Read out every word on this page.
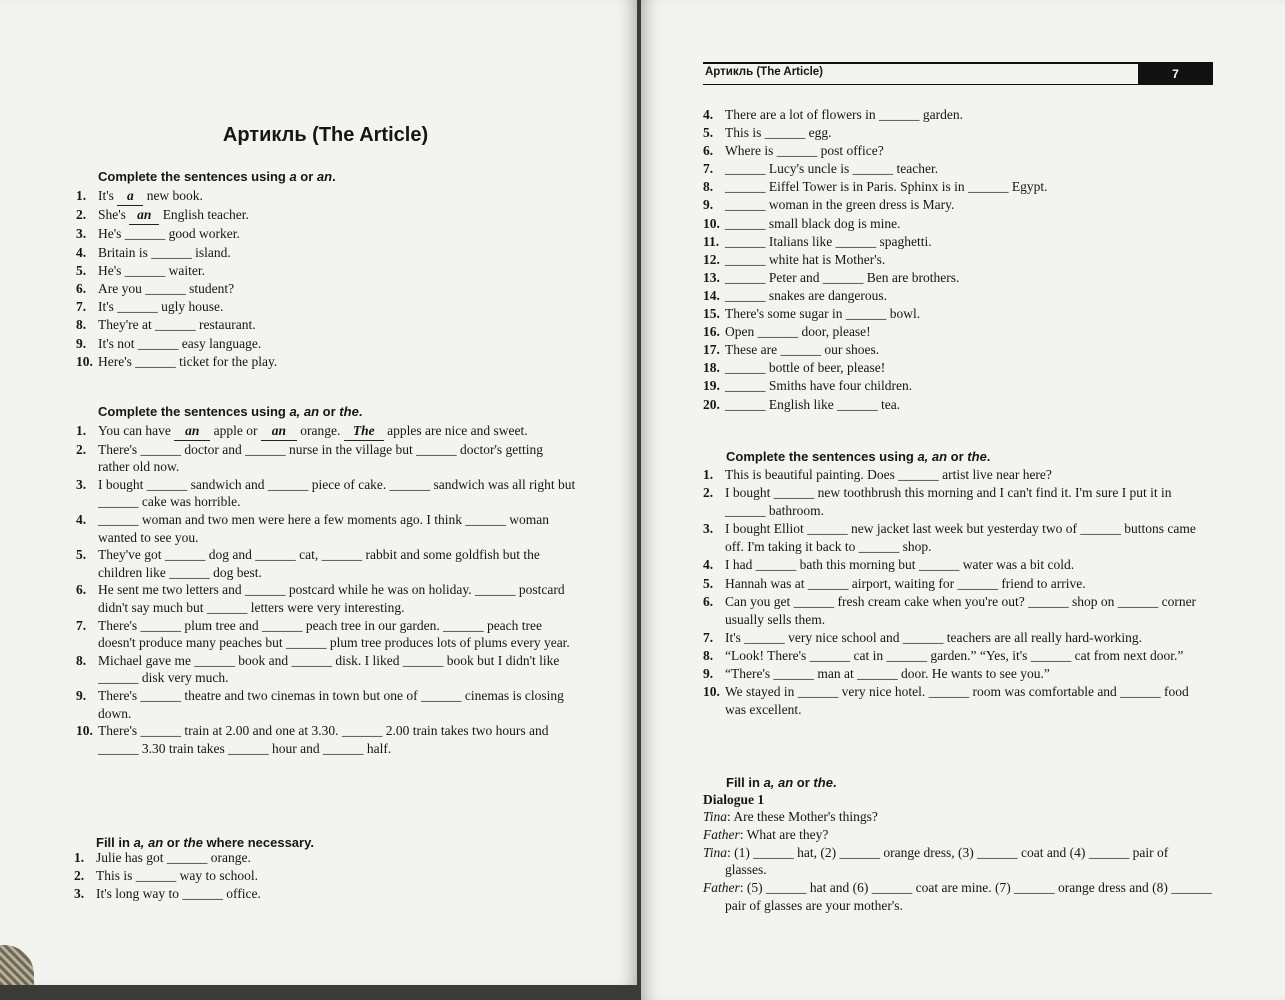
Артикль (The Article)
Complete the sentences using a or an.
1. It's a new book.
2. She's an English teacher.
3. He's ______ good worker.
4. Britain is ______ island.
5. He's ______ waiter.
6. Are you ______ student?
7. It's ______ ugly house.
8. They're at ______ restaurant.
9. It's not ______ easy language.
10. Here's ______ ticket for the play.
Complete the sentences using a, an or the.
1. You can have an apple or an orange. The apples are nice and sweet.
2. There's ______ doctor and ______ nurse in the village but ______ doctor's getting rather old now.
3. I bought ______ sandwich and ______ piece of cake. ______ sandwich was all right but ______ cake was horrible.
4. ______ woman and two men were here a few moments ago. I think ______ woman wanted to see you.
5. They've got ______ dog and ______ cat, ______ rabbit and some goldfish but the children like ______ dog best.
6. He sent me two letters and ______ postcard while he was on holiday. ______ postcard didn't say much but ______ letters were very interesting.
7. There's ______ plum tree and ______ peach tree in our garden. ______ peach tree doesn't produce many peaches but ______ plum tree produces lots of plums every year.
8. Michael gave me ______ book and ______ disk. I liked ______ book but I didn't like ______ disk very much.
9. There's ______ theatre and two cinemas in town but one of ______ cinemas is closing down.
10. There's ______ train at 2.00 and one at 3.30. ______ 2.00 train takes two hours and ______ 3.30 train takes ______ hour and ______ half.
Fill in a, an or the where necessary.
1. Julie has got ______ orange.
2. This is ______ way to school.
3. It's long way to ______ office.
Артикль (The Article)	7
4. There are a lot of flowers in ______ garden.
5. This is ______ egg.
6. Where is ______ post office?
7. ______ Lucy's uncle is ______ teacher.
8. ______ Eiffel Tower is in Paris. Sphinx is in ______ Egypt.
9. ______ woman in the green dress is Mary.
10. ______ small black dog is mine.
11. ______ Italians like ______ spaghetti.
12. ______ white hat is Mother's.
13. ______ Peter and ______ Ben are brothers.
14. ______ snakes are dangerous.
15. There's some sugar in ______ bowl.
16. Open ______ door, please!
17. These are ______ our shoes.
18. ______ bottle of beer, please!
19. ______ Smiths have four children.
20. ______ English like ______ tea.
Complete the sentences using a, an or the.
1. This is beautiful painting. Does ______ artist live near here?
2. I bought ______ new toothbrush this morning and I can't find it. I'm sure I put it in ______ bathroom.
3. I bought Elliot ______ new jacket last week but yesterday two of ______ buttons came off. I'm taking it back to ______ shop.
4. I had ______ bath this morning but ______ water was a bit cold.
5. Hannah was at ______ airport, waiting for ______ friend to arrive.
6. Can you get ______ fresh cream cake when you're out? ______ shop on ______ corner usually sells them.
7. It's ______ very nice school and ______ teachers are all really hard-working.
8. “Look! There's ______ cat in ______ garden.” “Yes, it's ______ cat from next door.”
9. “There's ______ man at ______ door. He wants to see you.”
10. We stayed in ______ very nice hotel. ______ room was comfortable and ______ food was excellent.
Fill in a, an or the.
Dialogue 1
Tina: Are these Mother's things?
Father: What are they?
Tina: (1) ______ hat, (2) ______ orange dress, (3) ______ coat and (4) ______ pair of glasses.
Father: (5) ______ hat and (6) ______ coat are mine. (7) ______ orange dress and (8) ______ pair of glasses are your mother's.
